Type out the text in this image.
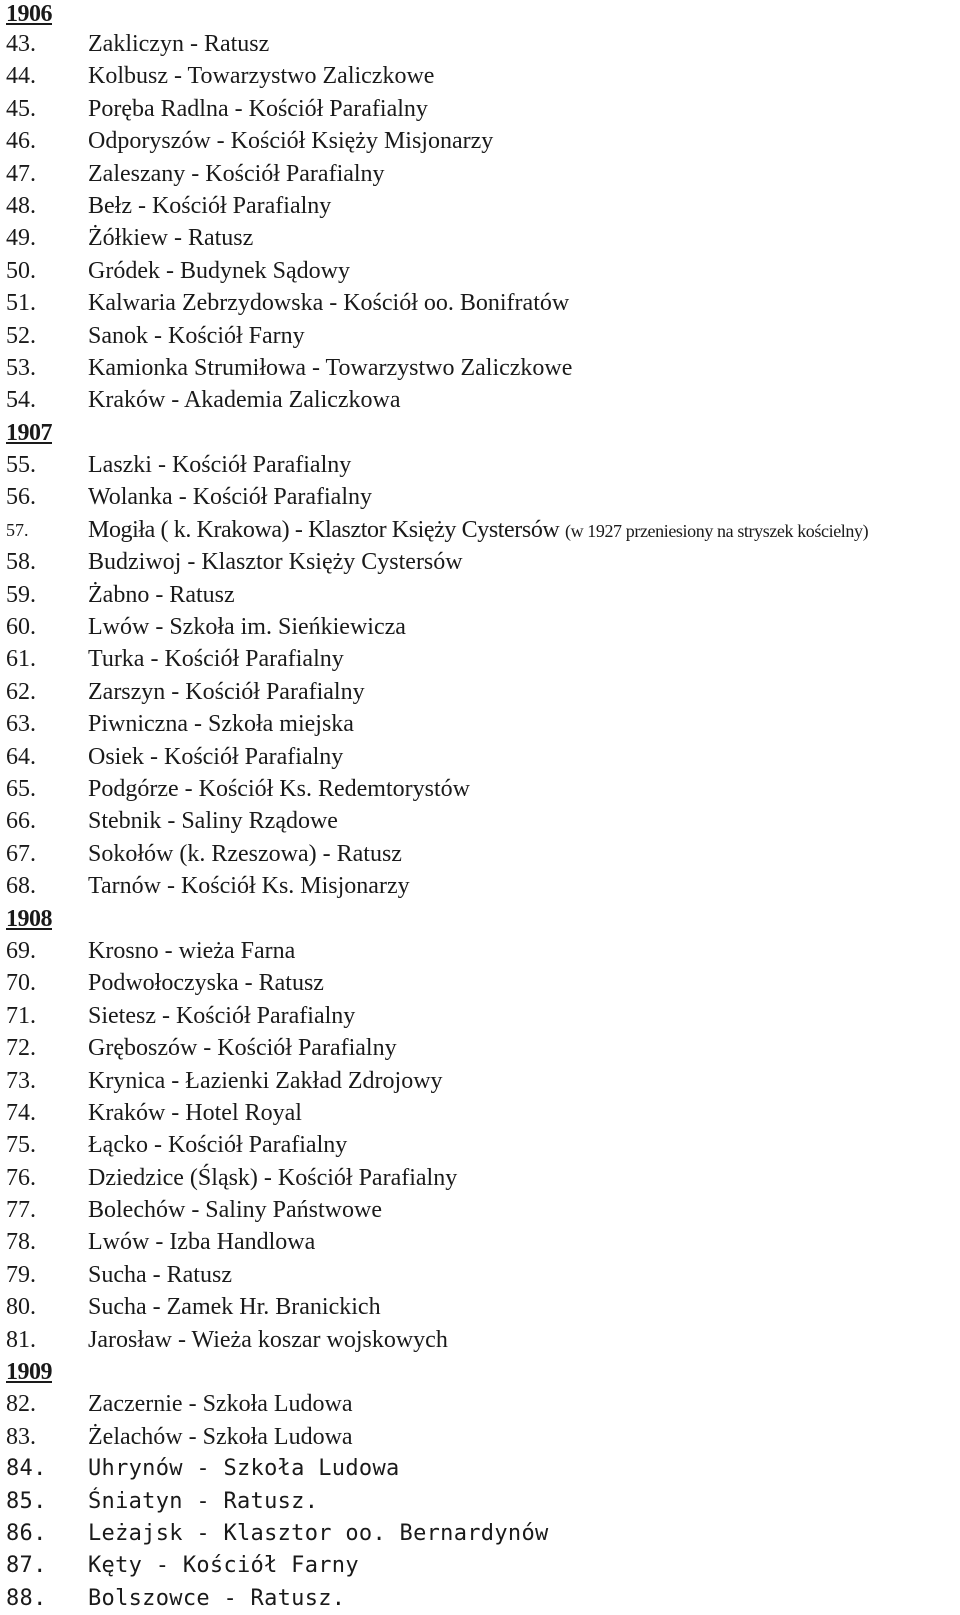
1906
43.	Zakliczyn - Ratusz
44.	Kolbusz - Towarzystwo Zaliczkowe
45.	Poręba Radlna - Kościół Parafialny
46.	Odporyszów - Kościół Księży Misjonarzy
47.	Zaleszany - Kościół Parafialny
48.	Bełz - Kościół Parafialny
49.	Żółkiew - Ratusz
50.	Gródek - Budynek Sądowy
51.	Kalwaria Zebrzydowska - Kościół oo. Bonifratów
52.	Sanok - Kościół Farny
53.	Kamionka Strumiłowa - Towarzystwo Zaliczkowe
54.	Kraków - Akademia Zaliczkowa
1907
55.	Laszki - Kościół Parafialny
56.	Wolanka - Kościół Parafialny
57.	Mogiła ( k. Krakowa) - Klasztor Księży Cystersów (w 1927 przeniesiony na stryszek kościelny)
58.	Budziwoj - Klasztor Księży Cystersów
59.	Żabno - Ratusz
60.	Lwów - Szkoła im. Sieńkiewicza
61.	Turka - Kościół Parafialny
62.	Zarszyn - Kościół Parafialny
63.	Piwniczna - Szkoła miejska
64.	Osiek - Kościół Parafialny
65.	Podgórze - Kościół Ks. Redemtorystów
66.	Stebnik - Saliny Rządowe
67.	Sokołów (k. Rzeszowa) - Ratusz
68.	Tarnów - Kościół Ks. Misjonarzy
1908
69.	Krosno - wieża Farna
70.	Podwołoczyska - Ratusz
71.	Sietesz - Kościół Parafialny
72.	Gręboszów - Kościół Parafialny
73.	Krynica - Łazienki Zakład Zdrojowy
74.	Kraków - Hotel Royal
75.	Łącko - Kościół Parafialny
76.	Dziedzice (Śląsk) - Kościół Parafialny
77.	Bolechów - Saliny Państwowe
78.	Lwów - Izba Handlowa
79.	Sucha - Ratusz
80.	Sucha - Zamek Hr. Branickich
81.	Jarosław - Wieża koszar wojskowych
1909
82.	Zaczernie - Szkoła Ludowa
83.	Żelachów - Szkoła Ludowa
84.	Uhrynów - Szkoła Ludowa
85.	Śniatyn - Ratusz.
86.	Leżajsk - Klasztor oo. Bernardynów
87.	Kęty - Kościół Farny
88.	Bolszowce - Ratusz.
